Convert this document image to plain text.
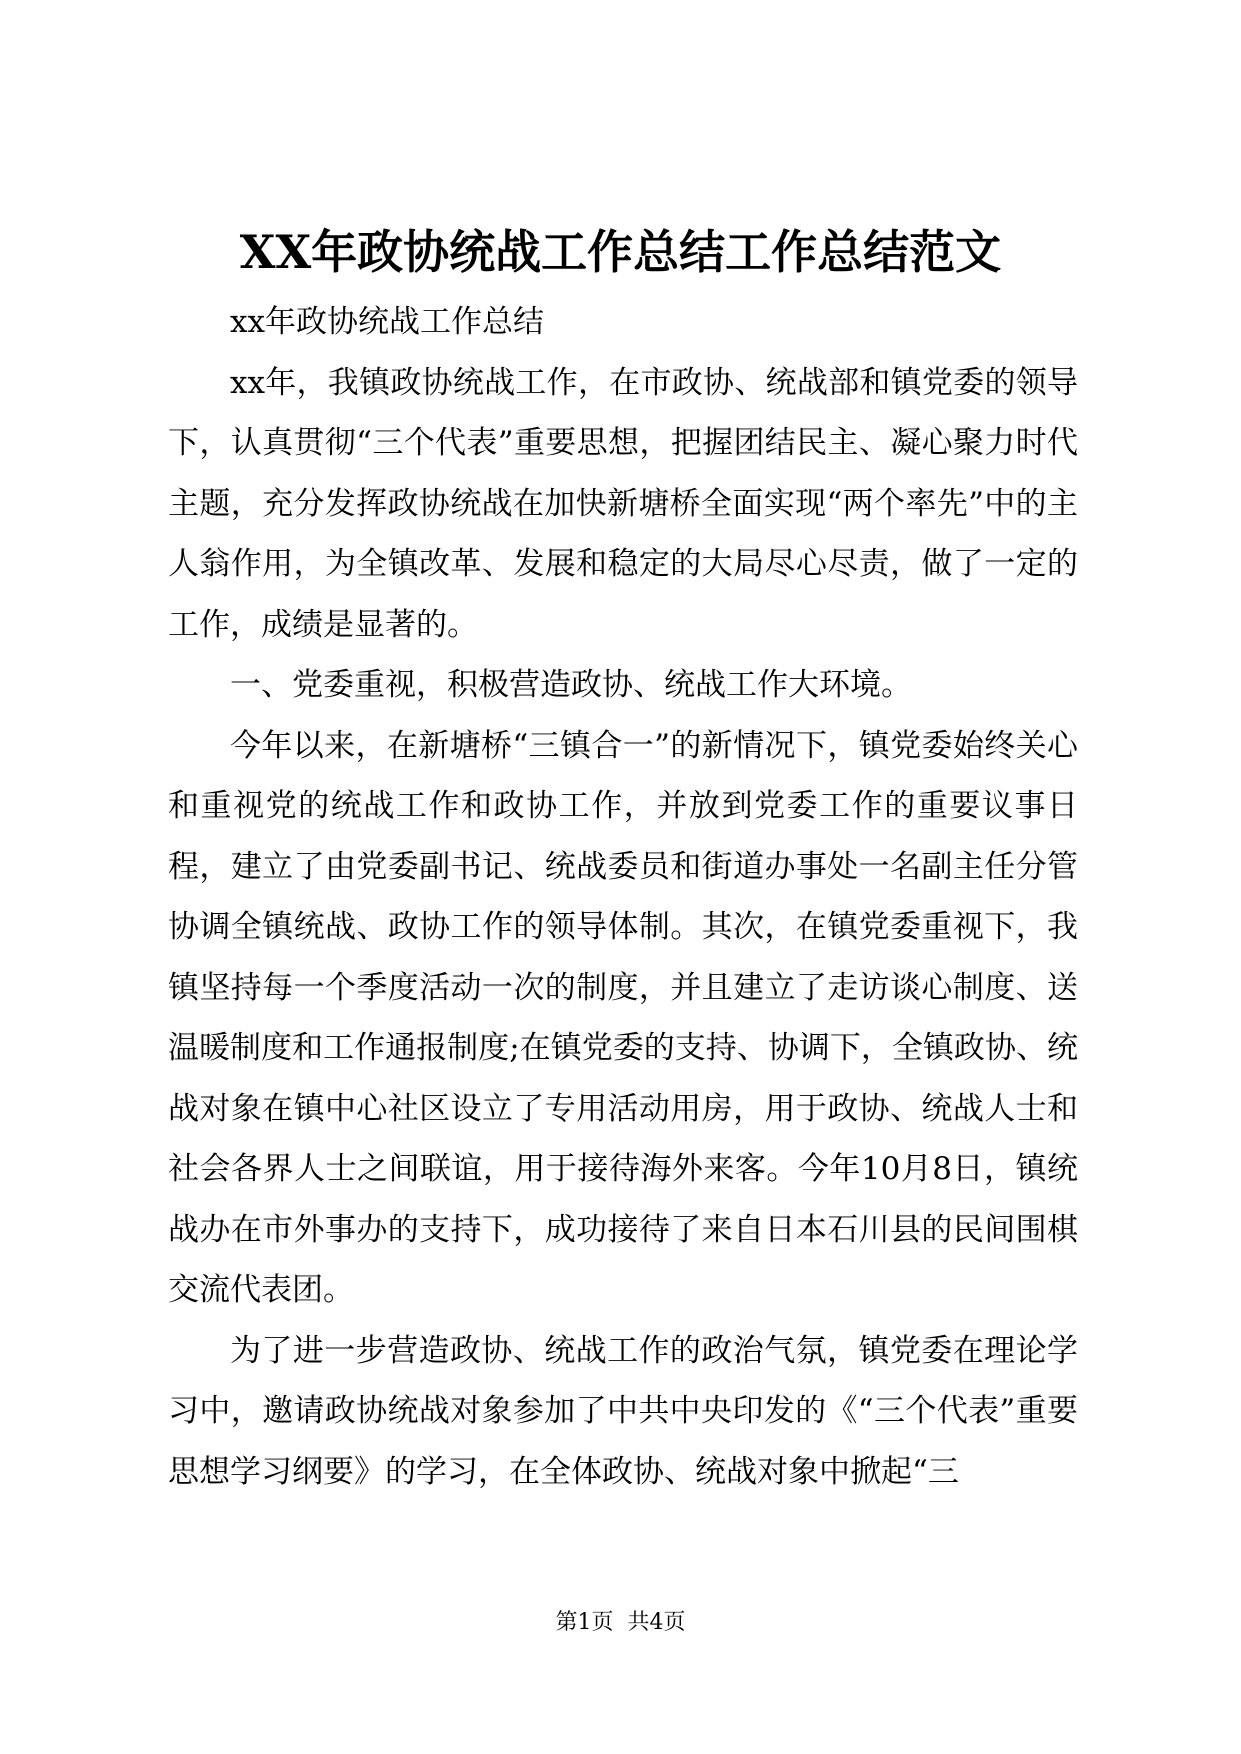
XX年政协统战工作总结工作总结范文

xx年政协统战工作总结

xx年，我镇政协统战工作，在市政协、统战部和镇党委的领导下，认真贯彻“三个代表”重要思想，把握团结民主、凝心聚力时代主题，充分发挥政协统战在加快新塘桥全面实现“两个率先”中的主人翁作用，为全镇改革、发展和稳定的大局尽心尽责，做了一定的工作，成绩是显著的。

一、党委重视，积极营造政协、统战工作大环境。

今年以来，在新塘桥“三镇合一”的新情况下，镇党委始终关心和重视党的统战工作和政协工作，并放到党委工作的重要议事日程，建立了由党委副书记、统战委员和街道办事处一名副主任分管协调全镇统战、政协工作的领导体制。其次，在镇党委重视下，我镇坚持每一个季度活动一次的制度，并且建立了走访谈心制度、送温暖制度和工作通报制度;在镇党委的支持、协调下，全镇政协、统战对象在镇中心社区设立了专用活动用房，用于政协、统战人士和社会各界人士之间联谊，用于接待海外来客。今年10月8日，镇统战办在市外事办的支持下，成功接待了来自日本石川县的民间围棋交流代表团。

为了进一步营造政协、统战工作的政治气氛，镇党委在理论学习中，邀请政协统战对象参加了中共中央印发的《“三个代表”重要思想学习纲要》的学习，在全体政协、统战对象中掀起“三

第1页 共4页
